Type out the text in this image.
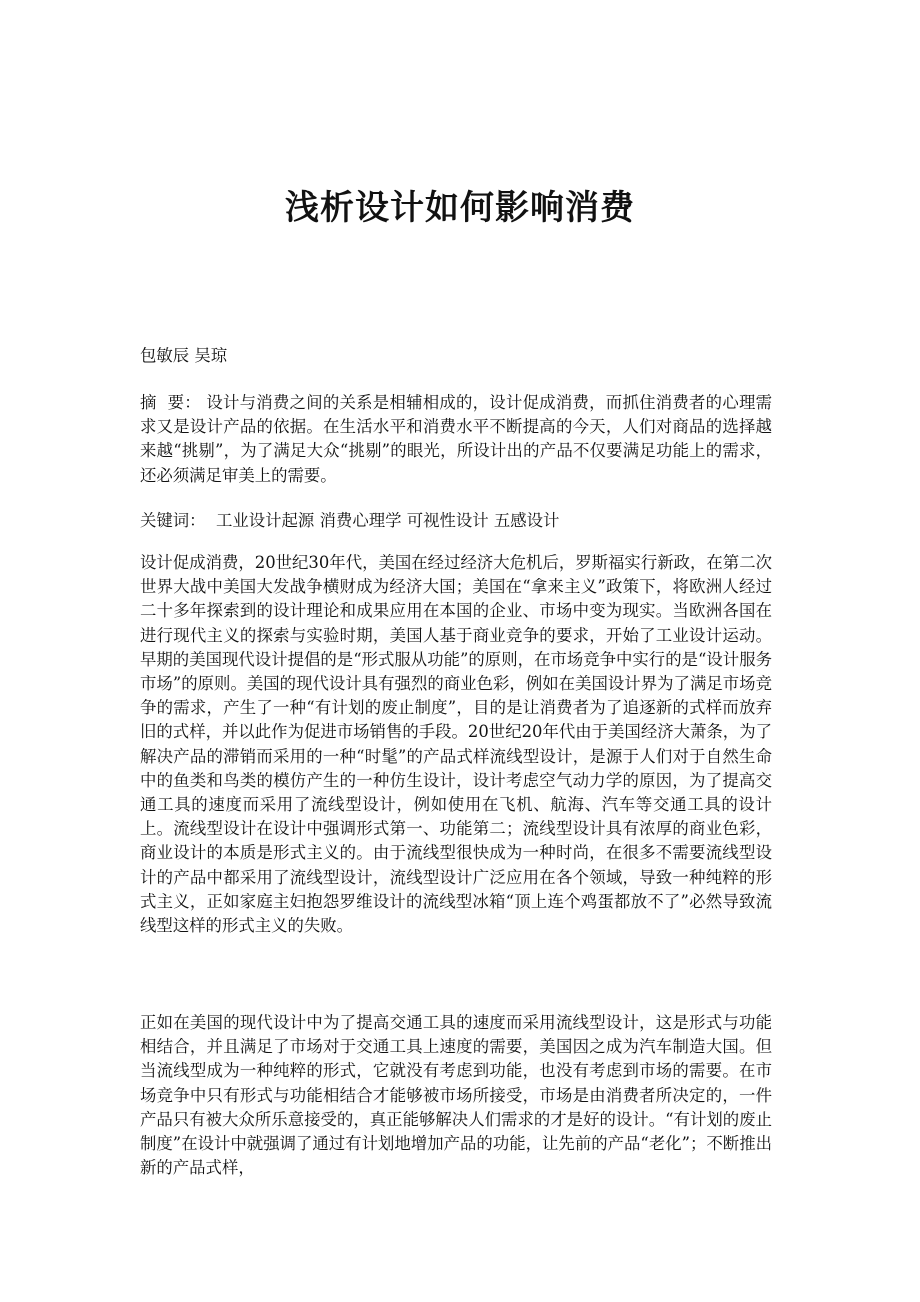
浅析设计如何影响消费
包敏辰 吴琼
摘  要： 设计与消费之间的关系是相辅相成的，设计促成消费，而抓住消费者的心理需求又是设计产品的依据。在生活水平和消费水平不断提高的今天，人们对商品的选择越来越“挑剔”，为了满足大众“挑剔”的眼光，所设计出的产品不仅要满足功能上的需求，还必须满足审美上的需要。
关键词：  工业设计起源 消费心理学 可视性设计 五感设计
设计促成消费，20世纪30年代，美国在经过经济大危机后，罗斯福实行新政，在第二次世界大战中美国大发战争横财成为经济大国；美国在“拿来主义”政策下，将欧洲人经过二十多年探索到的设计理论和成果应用在本国的企业、市场中变为现实。当欧洲各国在进行现代主义的探索与实验时期，美国人基于商业竞争的要求，开始了工业设计运动。早期的美国现代设计提倡的是“形式服从功能”的原则，在市场竞争中实行的是“设计服务市场”的原则。美国的现代设计具有强烈的商业色彩，例如在美国设计界为了满足市场竞争的需求，产生了一种“有计划的废止制度”，目的是让消费者为了追逐新的式样而放弃旧的式样，并以此作为促进市场销售的手段。20世纪20年代由于美国经济大萧条，为了解决产品的滞销而采用的一种“时髦”的产品式样流线型设计，是源于人们对于自然生命中的鱼类和鸟类的模仿产生的一种仿生设计，设计考虑空气动力学的原因，为了提高交通工具的速度而采用了流线型设计，例如使用在飞机、航海、汽车等交通工具的设计上。流线型设计在设计中强调形式第一、功能第二；流线型设计具有浓厚的商业色彩，商业设计的本质是形式主义的。由于流线型很快成为一种时尚，在很多不需要流线型设计的产品中都采用了流线型设计，流线型设计广泛应用在各个领域，导致一种纯粹的形式主义，正如家庭主妇抱怨罗维设计的流线型冰箱“顶上连个鸡蛋都放不了”必然导致流线型这样的形式主义的失败。
正如在美国的现代设计中为了提高交通工具的速度而采用流线型设计，这是形式与功能相结合，并且满足了市场对于交通工具上速度的需要，美国因之成为汽车制造大国。但当流线型成为一种纯粹的形式，它就没有考虑到功能，也没有考虑到市场的需要。在市场竞争中只有形式与功能相结合才能够被市场所接受，市场是由消费者所决定的，一件产品只有被大众所乐意接受的，真正能够解决人们需求的才是好的设计。“有计划的废止制度”在设计中就强调了通过有计划地增加产品的功能，让先前的产品“老化”；不断推出新的产品式样，
